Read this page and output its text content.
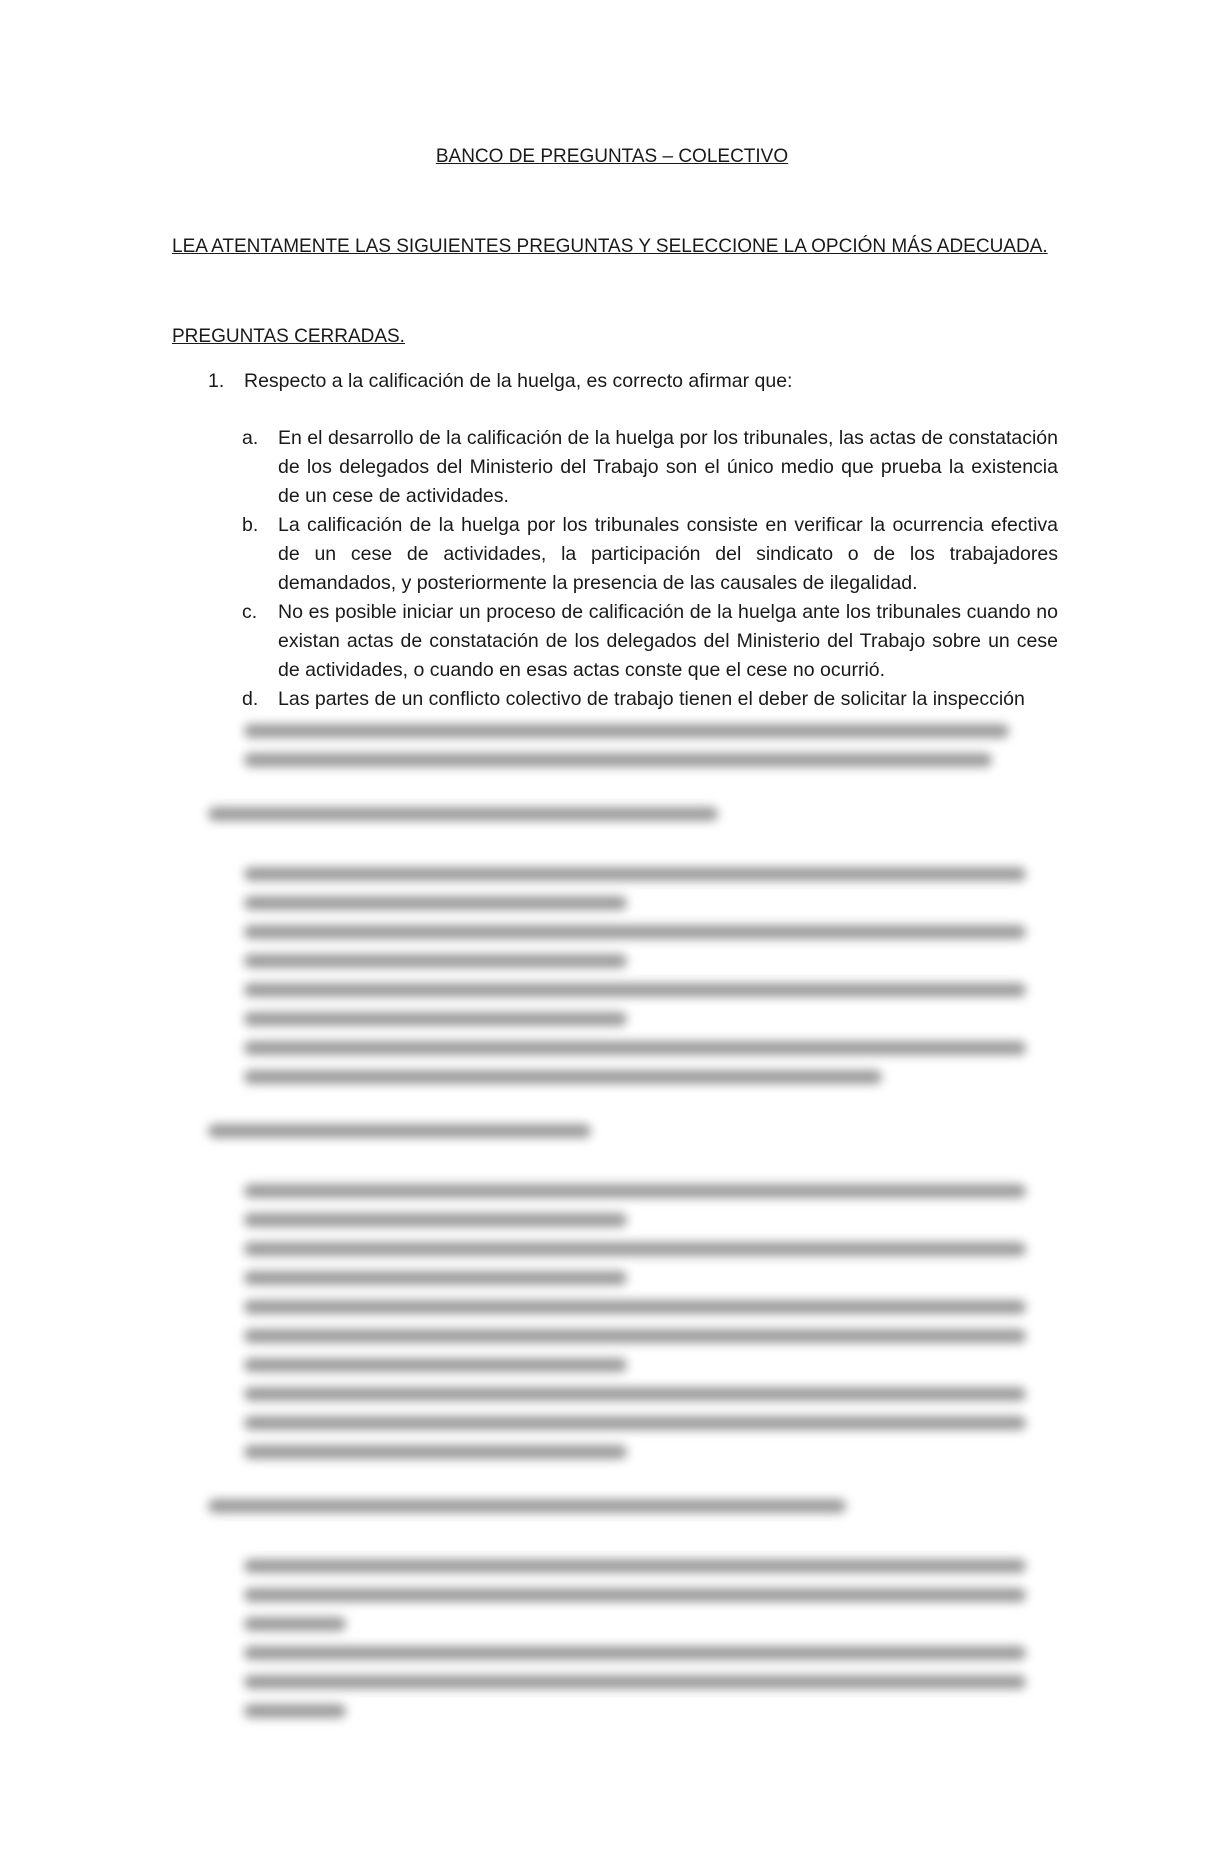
BANCO DE PREGUNTAS – COLECTIVO
LEA ATENTAMENTE LAS SIGUIENTES PREGUNTAS Y SELECCIONE LA OPCIÓN MÁS ADECUADA.
PREGUNTAS CERRADAS.
1. Respecto a la calificación de la huelga, es correcto afirmar que:
a.	En el desarrollo de la calificación de la huelga por los tribunales, las actas de constatación de los delegados del Ministerio del Trabajo son el único medio que prueba la existencia de un cese de actividades.
b.	La calificación de la huelga por los tribunales consiste en verificar la ocurrencia efectiva de un cese de actividades, la participación del sindicato o de los trabajadores demandados, y posteriormente la presencia de las causales de ilegalidad.
c.	No es posible iniciar un proceso de calificación de la huelga ante los tribunales cuando no existan actas de constatación de los delegados del Ministerio del Trabajo sobre un cese de actividades, o cuando en esas actas conste que el cese no ocurrió.
d.	Las partes de un conflicto colectivo de trabajo tienen el deber de solicitar la inspección
